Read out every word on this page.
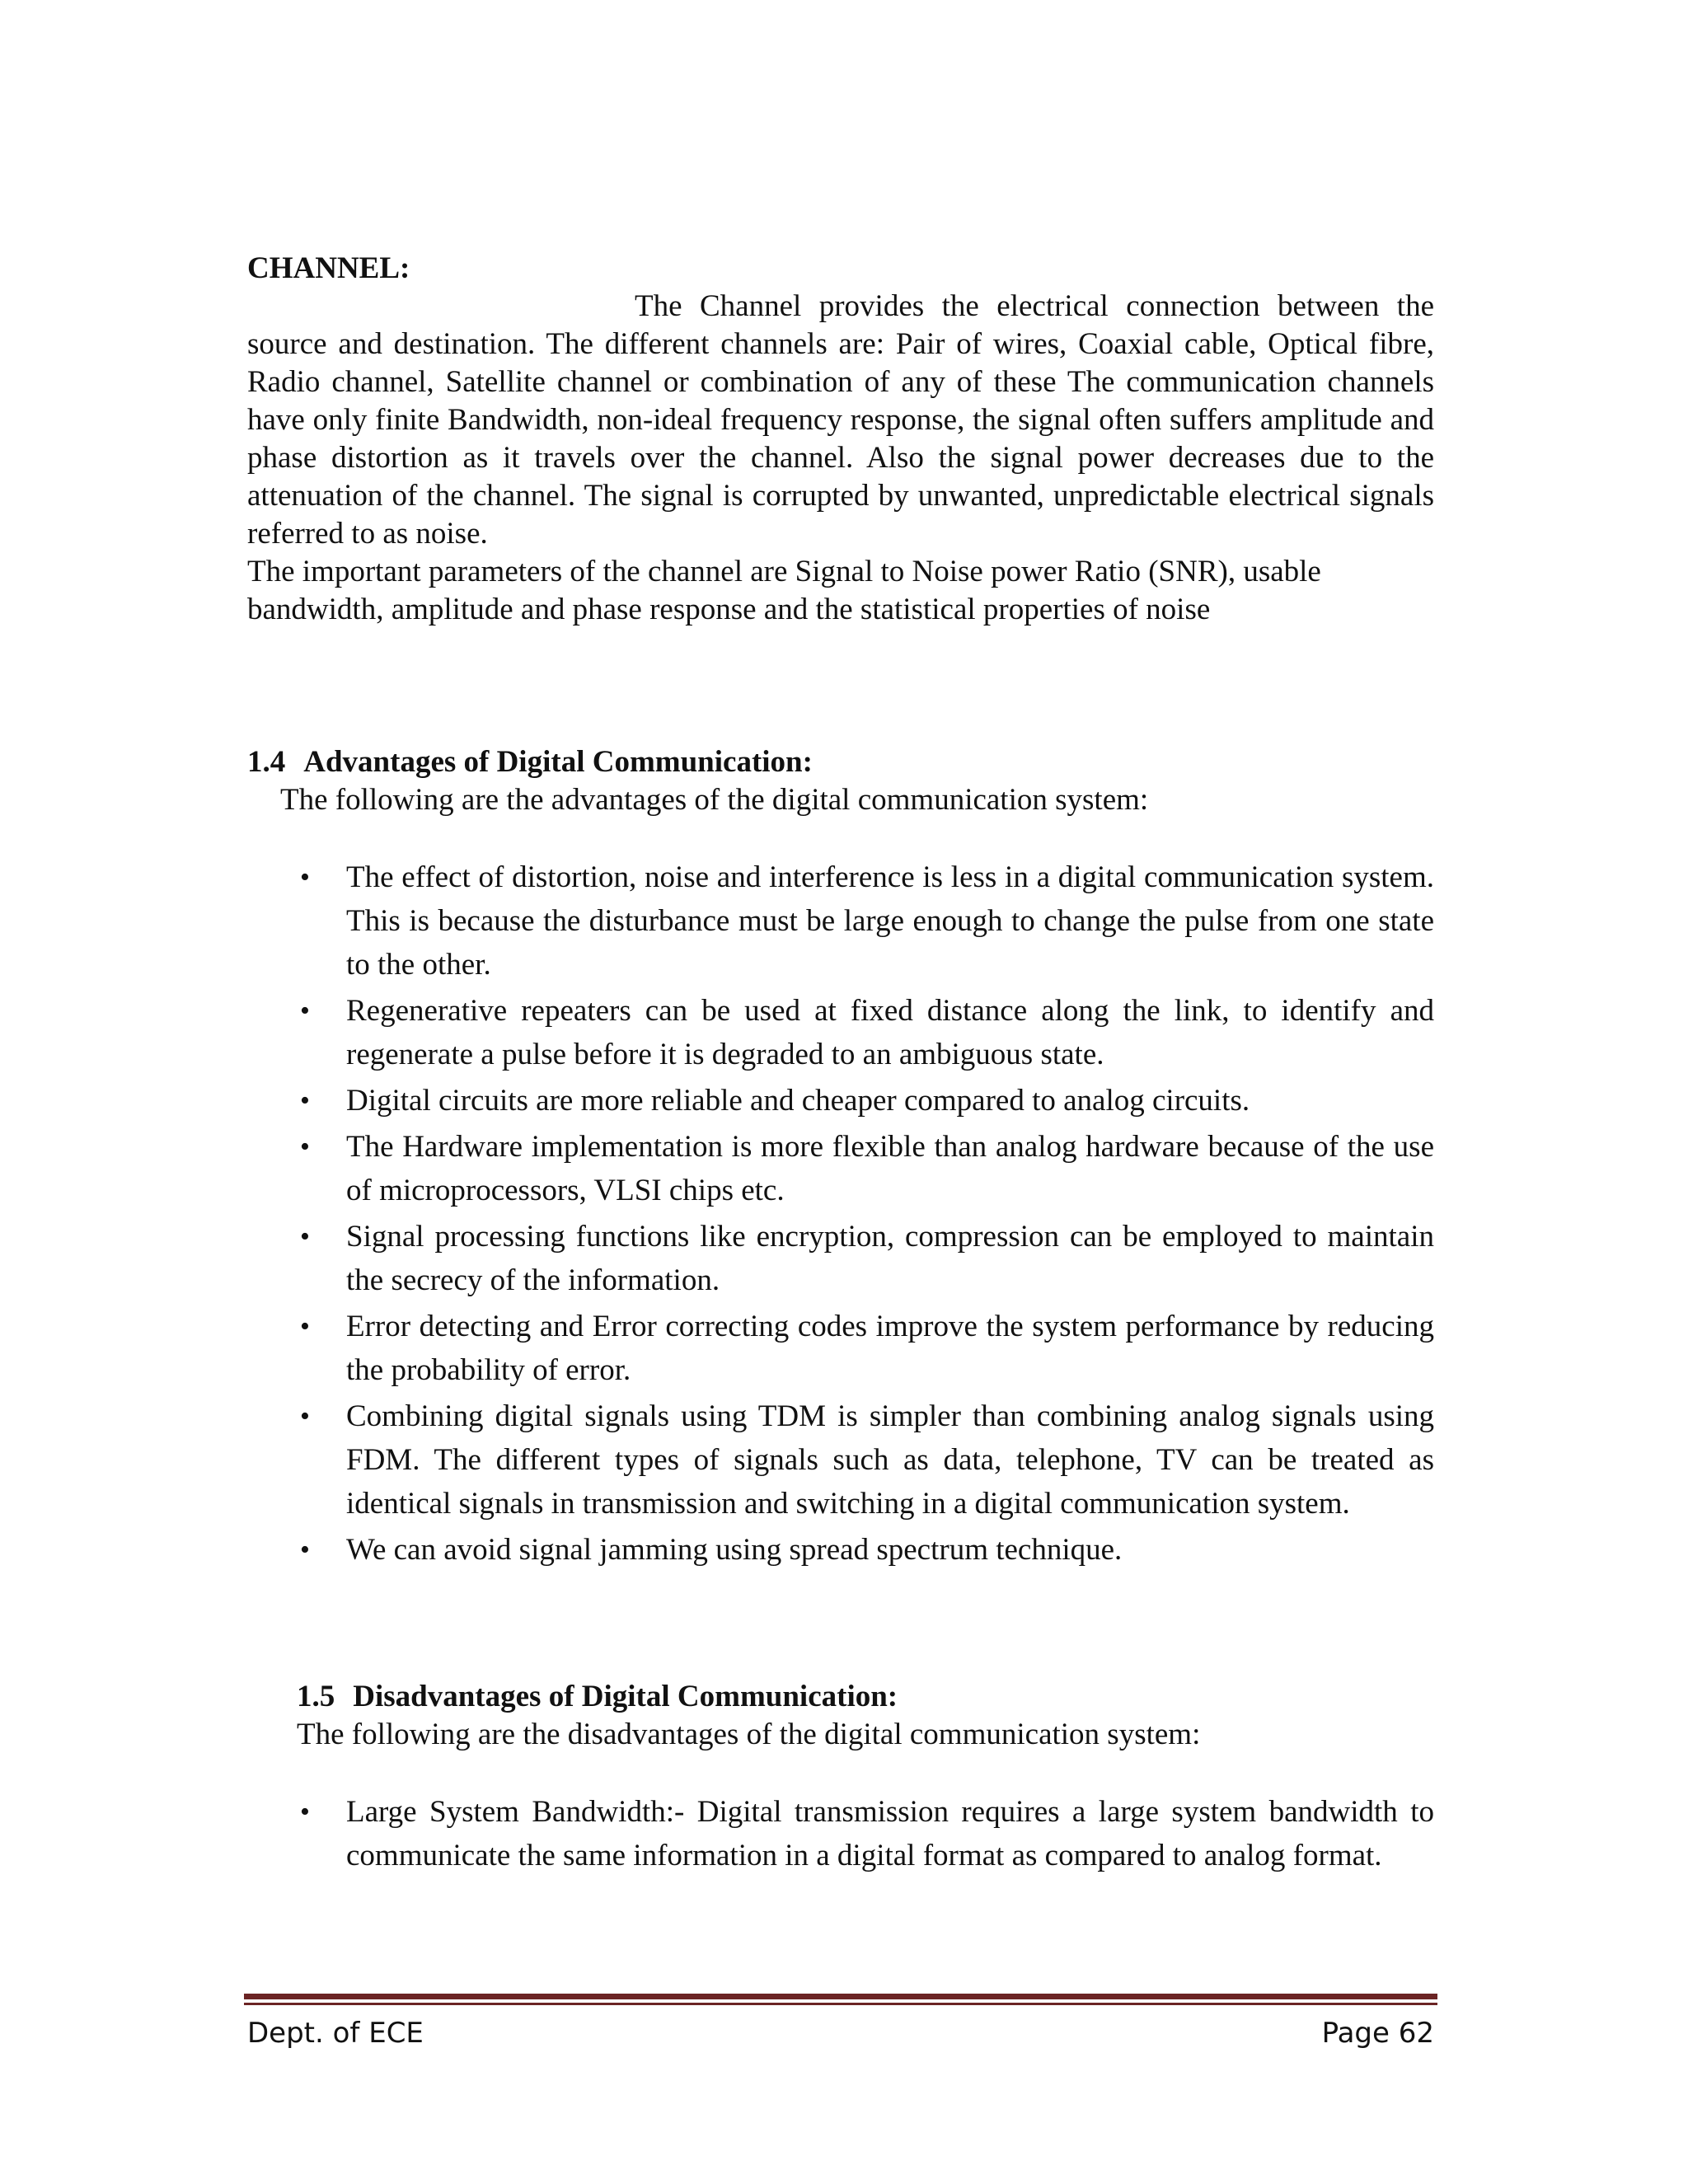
CHANNEL:
The Channel provides the electrical connection between the source and destination. The different channels are: Pair of wires, Coaxial cable, Optical fibre, Radio channel, Satellite channel or combination of any of these The communication channels have only finite Bandwidth, non-ideal frequency response, the signal often suffers amplitude and phase distortion as it travels over the channel. Also the signal power decreases due to the attenuation of the channel. The signal is corrupted by unwanted, unpredictable electrical signals referred to as noise.
The important parameters of the channel are Signal to Noise power Ratio (SNR), usable bandwidth, amplitude and phase response and the statistical properties of noise
1.4 Advantages of Digital Communication:
The following are the advantages of the digital communication system:
• The effect of distortion, noise and interference is less in a digital communication system. This is because the disturbance must be large enough to change the pulse from one state to the other.
• Regenerative repeaters can be used at fixed distance along the link, to identify and regenerate a pulse before it is degraded to an ambiguous state.
• Digital circuits are more reliable and cheaper compared to analog circuits.
• The Hardware implementation is more flexible than analog hardware because of the use of microprocessors, VLSI chips etc.
• Signal processing functions like encryption, compression can be employed to maintain the secrecy of the information.
• Error detecting and Error correcting codes improve the system performance by reducing the probability of error.
• Combining digital signals using TDM is simpler than combining analog signals using FDM. The different types of signals such as data, telephone, TV can be treated as identical signals in transmission and switching in a digital communication system.
• We can avoid signal jamming using spread spectrum technique.
1.5 Disadvantages of Digital Communication:
The following are the disadvantages of the digital communication system:
• Large System Bandwidth:- Digital transmission requires a large system bandwidth to communicate the same information in a digital format as compared to analog format.
Dept. of ECE	Page 62
